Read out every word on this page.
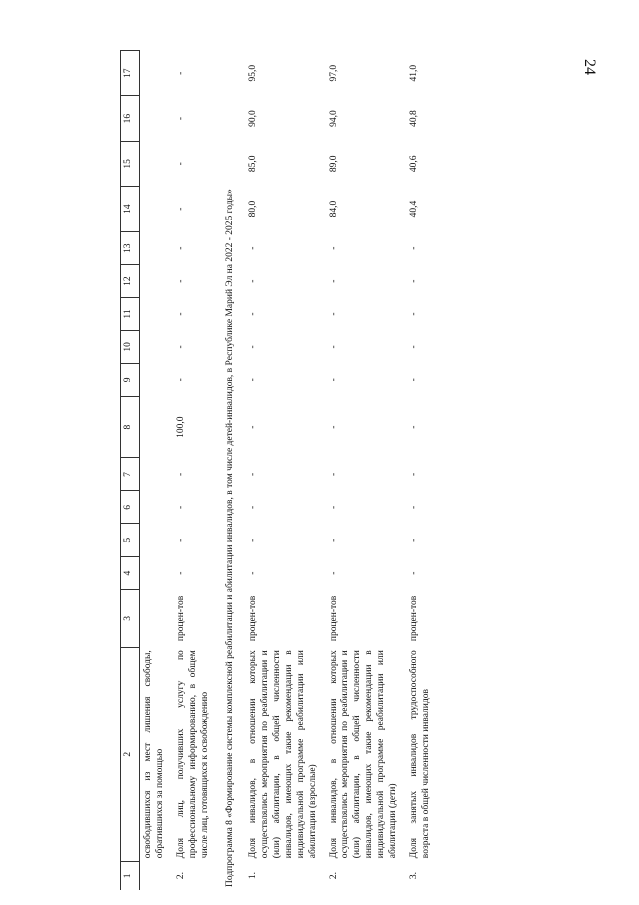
24
1	2	3	4	5	6	7	8	9	10	11	12	13	14	15	16	17
	освободившихся из мест лишения свободы, обратившихся за помощью															
2.	Доля лиц, получивших услугу по профессиональному информированию, в общем числе лиц, готовящихся к освобождению	процен-тов	-	-	-	-	100,0	-	-	-	-	-	-	-	-	-
Подпрограмма 8 «Формирование системы комплексной реабилитации и абилитации инвалидов, в том числе детей-инвалидов, в Республике Марий Эл на 2022 - 2025 годы»																
1.	Доля инвалидов, в отношении которых осуществлялись мероприятия по реабилитации и (или) абилитации, в общей численности инвалидов, имеющих такие рекомендации в индивидуальной программе реабилитации или абилитации (взрослые)	процен-тов	-	-	-	-	-	-	-	-	-	-	80,0	85,0	90,0	95,0
2.	Доля инвалидов, в отношении которых осуществлялись мероприятия по реабилитации и (или) абилитации, в общей численности инвалидов, имеющих такие рекомендации в индивидуальной программе реабилитации или абилитации (дети)	процен-тов	-	-	-	-	-	-	-	-	-	-	84,0	89,0	94,0	97,0
3.	Доля занятых инвалидов трудоспособного возраста в общей численности инвалидов	процен-тов	-	-	-	-	-	-	-	-	-	-	40,4	40,6	40,8	41,0
